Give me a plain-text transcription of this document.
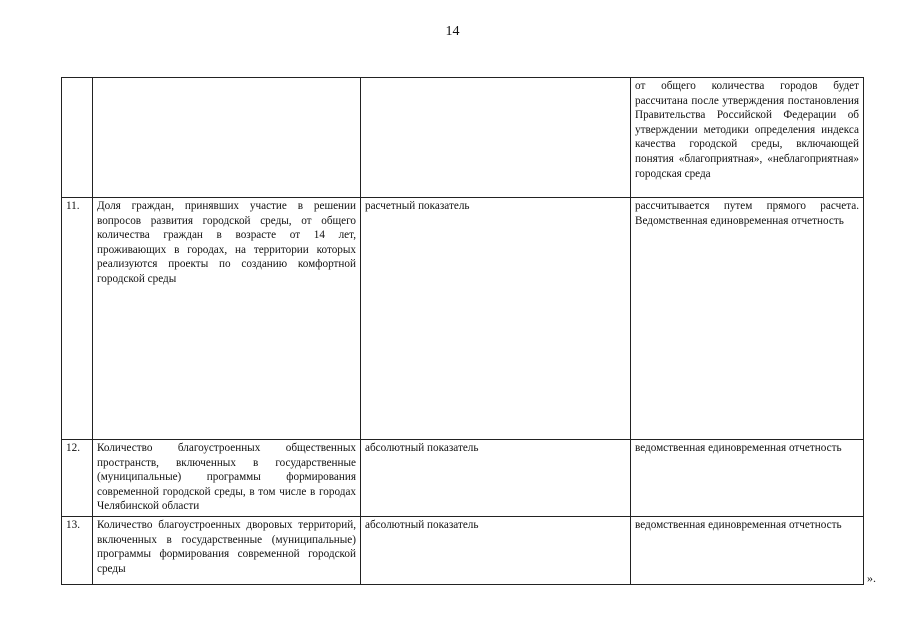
14
			от общего количества городов будет рассчитана после утверждения постановления Правительства Российской Федерации об утверждении методики определения индекса качества городской среды, включающей понятия «благоприятная», «неблагоприятная» городская среда
11.	Доля граждан, принявших участие в решении вопросов развития городской среды, от общего количества граждан в возрасте от 14 лет, проживающих в городах, на территории которых реализуются проекты по созданию комфортной городской среды	расчетный показатель	рассчитывается путем прямого расчета. Ведомственная единовременная отчетность
12.	Количество благоустроенных общественных пространств, включенных в государственные (муниципальные) программы формирования современной городской среды, в том числе в городах Челябинской области	абсолютный показатель	ведомственная единовременная отчетность
13.	Количество благоустроенных дворовых территорий, включенных в государственные (муниципальные) программы формирования современной городской среды	абсолютный показатель	ведомственная единовременная отчетность
».
